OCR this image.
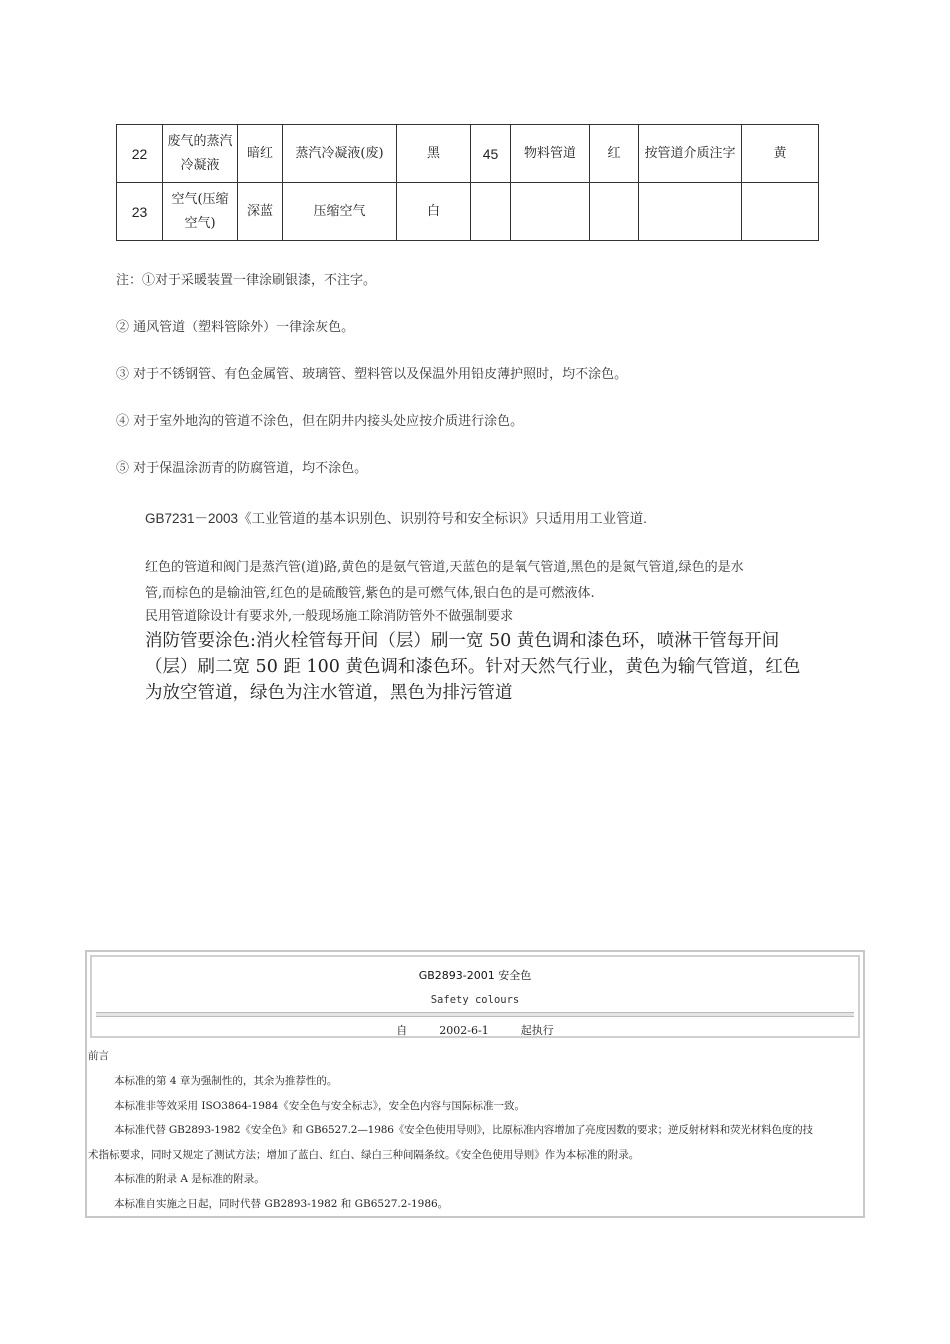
22	废气的蒸汽冷凝液	暗红	蒸汽冷凝液(废)	黑	45	物料管道	红	按管道介质注字	黄
23	空气(压缩空气)	深蓝	压缩空气	白					
注：①对于采暖装置一律涂刷银漆，不注字。
② 通风管道（塑料管除外）一律涂灰色。
③ 对于不锈钢管、有色金属管、玻璃管、塑料管以及保温外用铅皮薄护照时，均不涂色。
④ 对于室外地沟的管道不涂色，但在阴井内接头处应按介质进行涂色。
⑤ 对于保温涂沥青的防腐管道，均不涂色。
GB7231－2003《工业管道的基本识别色、识别符号和安全标识》只适用用工业管道.
红色的管道和阀门是蒸汽管(道)路,黄色的是氨气管道,天蓝色的是氧气管道,黑色的是氮气管道,绿色的是水
管,而棕色的是输油管,红色的是硫酸管,紫色的是可燃气体,银白色的是可燃液体.
民用管道除设计有要求外,一般现场施工除消防管外不做强制要求
消防管要涂色:消火栓管每开间（层）刷一宽 50 黄色调和漆色环，喷淋干管每开间（层）刷二宽 50 距 100 黄色调和漆色环。针对天然气行业，黄色为输气管道，红色为放空管道，绿色为注水管道，黑色为排污管道
GB2893-2001 安全色
Safety colours
自	2002-6-1	起执行
前言
本标准的第 4 章为强制性的，其余为推荐性的。
本标准非等效采用 ISO3864-1984《安全色与安全标志》，安全色内容与国际标准一致。
本标准代替 GB2893-1982《安全色》和 GB6527.2—1986《安全色使用导则》，比原标准内容增加了亮度因数的要求；逆反射材料和荧光材料色度的技
术指标要求，同时又规定了测试方法；增加了蓝白、红白、绿白三种间隔条纹。《安全色使用导则》作为本标准的附录。
本标准的附录 A 是标准的附录。
本标准自实施之日起，同时代替 GB2893-1982 和 GB6527.2-1986。
